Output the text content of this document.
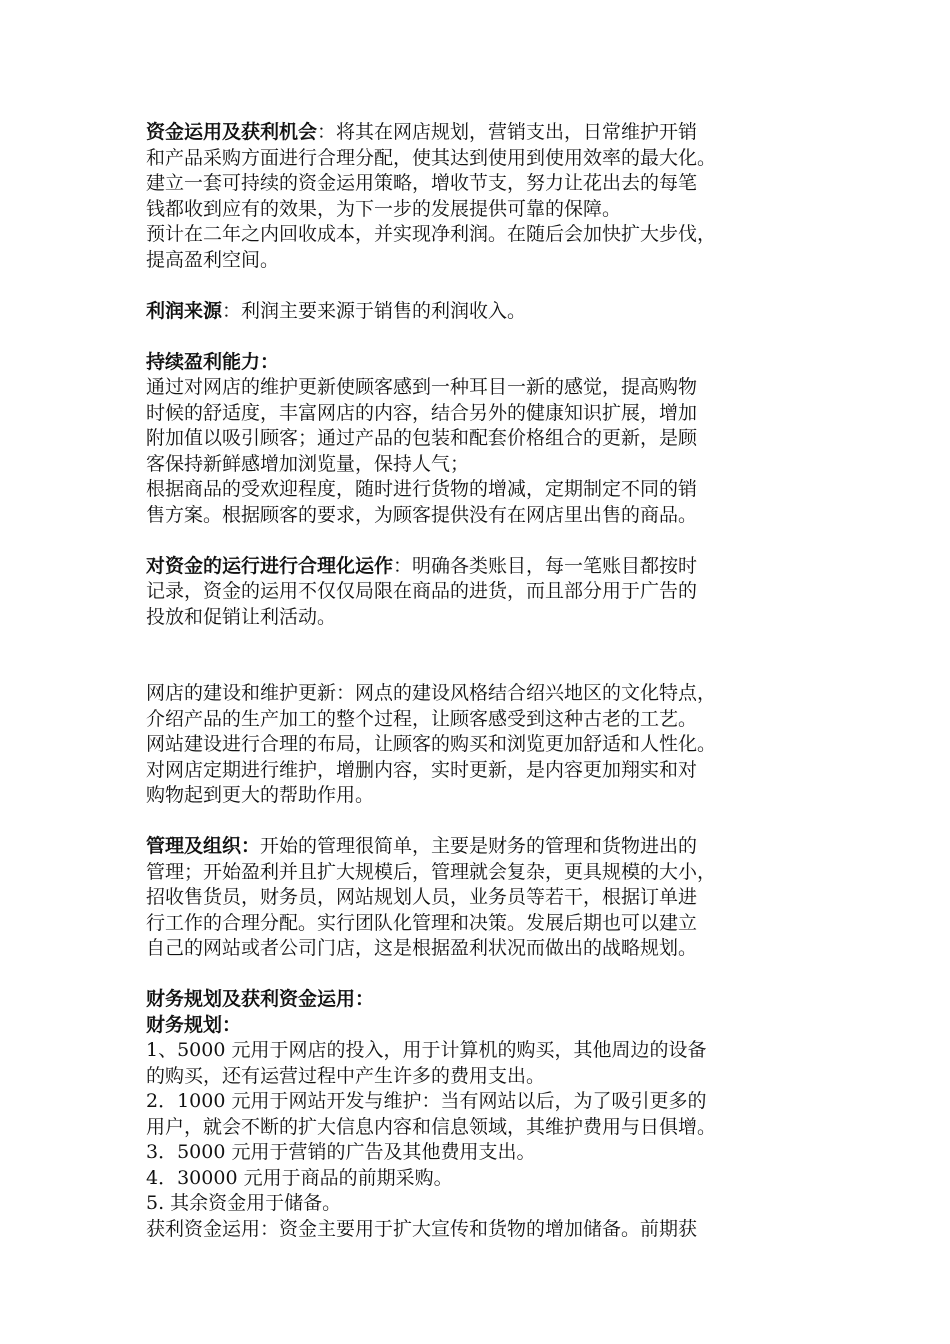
资金运用及获利机会：将其在网店规划，营销支出，日常维护开销
和产品采购方面进行合理分配，使其达到使用到使用效率的最大化。
建立一套可持续的资金运用策略，增收节支，努力让花出去的每笔
钱都收到应有的效果，为下一步的发展提供可靠的保障。
预计在二年之内回收成本，并实现净利润。在随后会加快扩大步伐，
提高盈利空间。
利润来源：利润主要来源于销售的利润收入。
持续盈利能力：
通过对网店的维护更新使顾客感到一种耳目一新的感觉，提高购物
时候的舒适度，丰富网店的内容，结合另外的健康知识扩展，增加
附加值以吸引顾客；通过产品的包装和配套价格组合的更新，是顾
客保持新鲜感增加浏览量，保持人气；
根据商品的受欢迎程度，随时进行货物的增减，定期制定不同的销
售方案。根据顾客的要求，为顾客提供没有在网店里出售的商品。
对资金的运行进行合理化运作：明确各类账目，每一笔账目都按时
记录，资金的运用不仅仅局限在商品的进货，而且部分用于广告的
投放和促销让利活动。
网店的建设和维护更新：网点的建设风格结合绍兴地区的文化特点，
介绍产品的生产加工的整个过程，让顾客感受到这种古老的工艺。
网站建设进行合理的布局，让顾客的购买和浏览更加舒适和人性化。
对网店定期进行维护，增删内容，实时更新，是内容更加翔实和对
购物起到更大的帮助作用。
管理及组织：开始的管理很简单，主要是财务的管理和货物进出的
管理；开始盈利并且扩大规模后，管理就会复杂，更具规模的大小，
招收售货员，财务员，网站规划人员，业务员等若干，根据订单进
行工作的合理分配。实行团队化管理和决策。发展后期也可以建立
自己的网站或者公司门店，这是根据盈利状况而做出的战略规划。
财务规划及获利资金运用：
财务规划：
1、5000 元用于网店的投入，用于计算机的购买，其他周边的设备
的购买，还有运营过程中产生许多的费用支出。
2．1000 元用于网站开发与维护：当有网站以后，为了吸引更多的
用户，就会不断的扩大信息内容和信息领域，其维护费用与日俱增。
3．5000 元用于营销的广告及其他费用支出。
4．30000 元用于商品的前期采购。
5. 其余资金用于储备。
获利资金运用：资金主要用于扩大宣传和货物的增加储备。前期获
